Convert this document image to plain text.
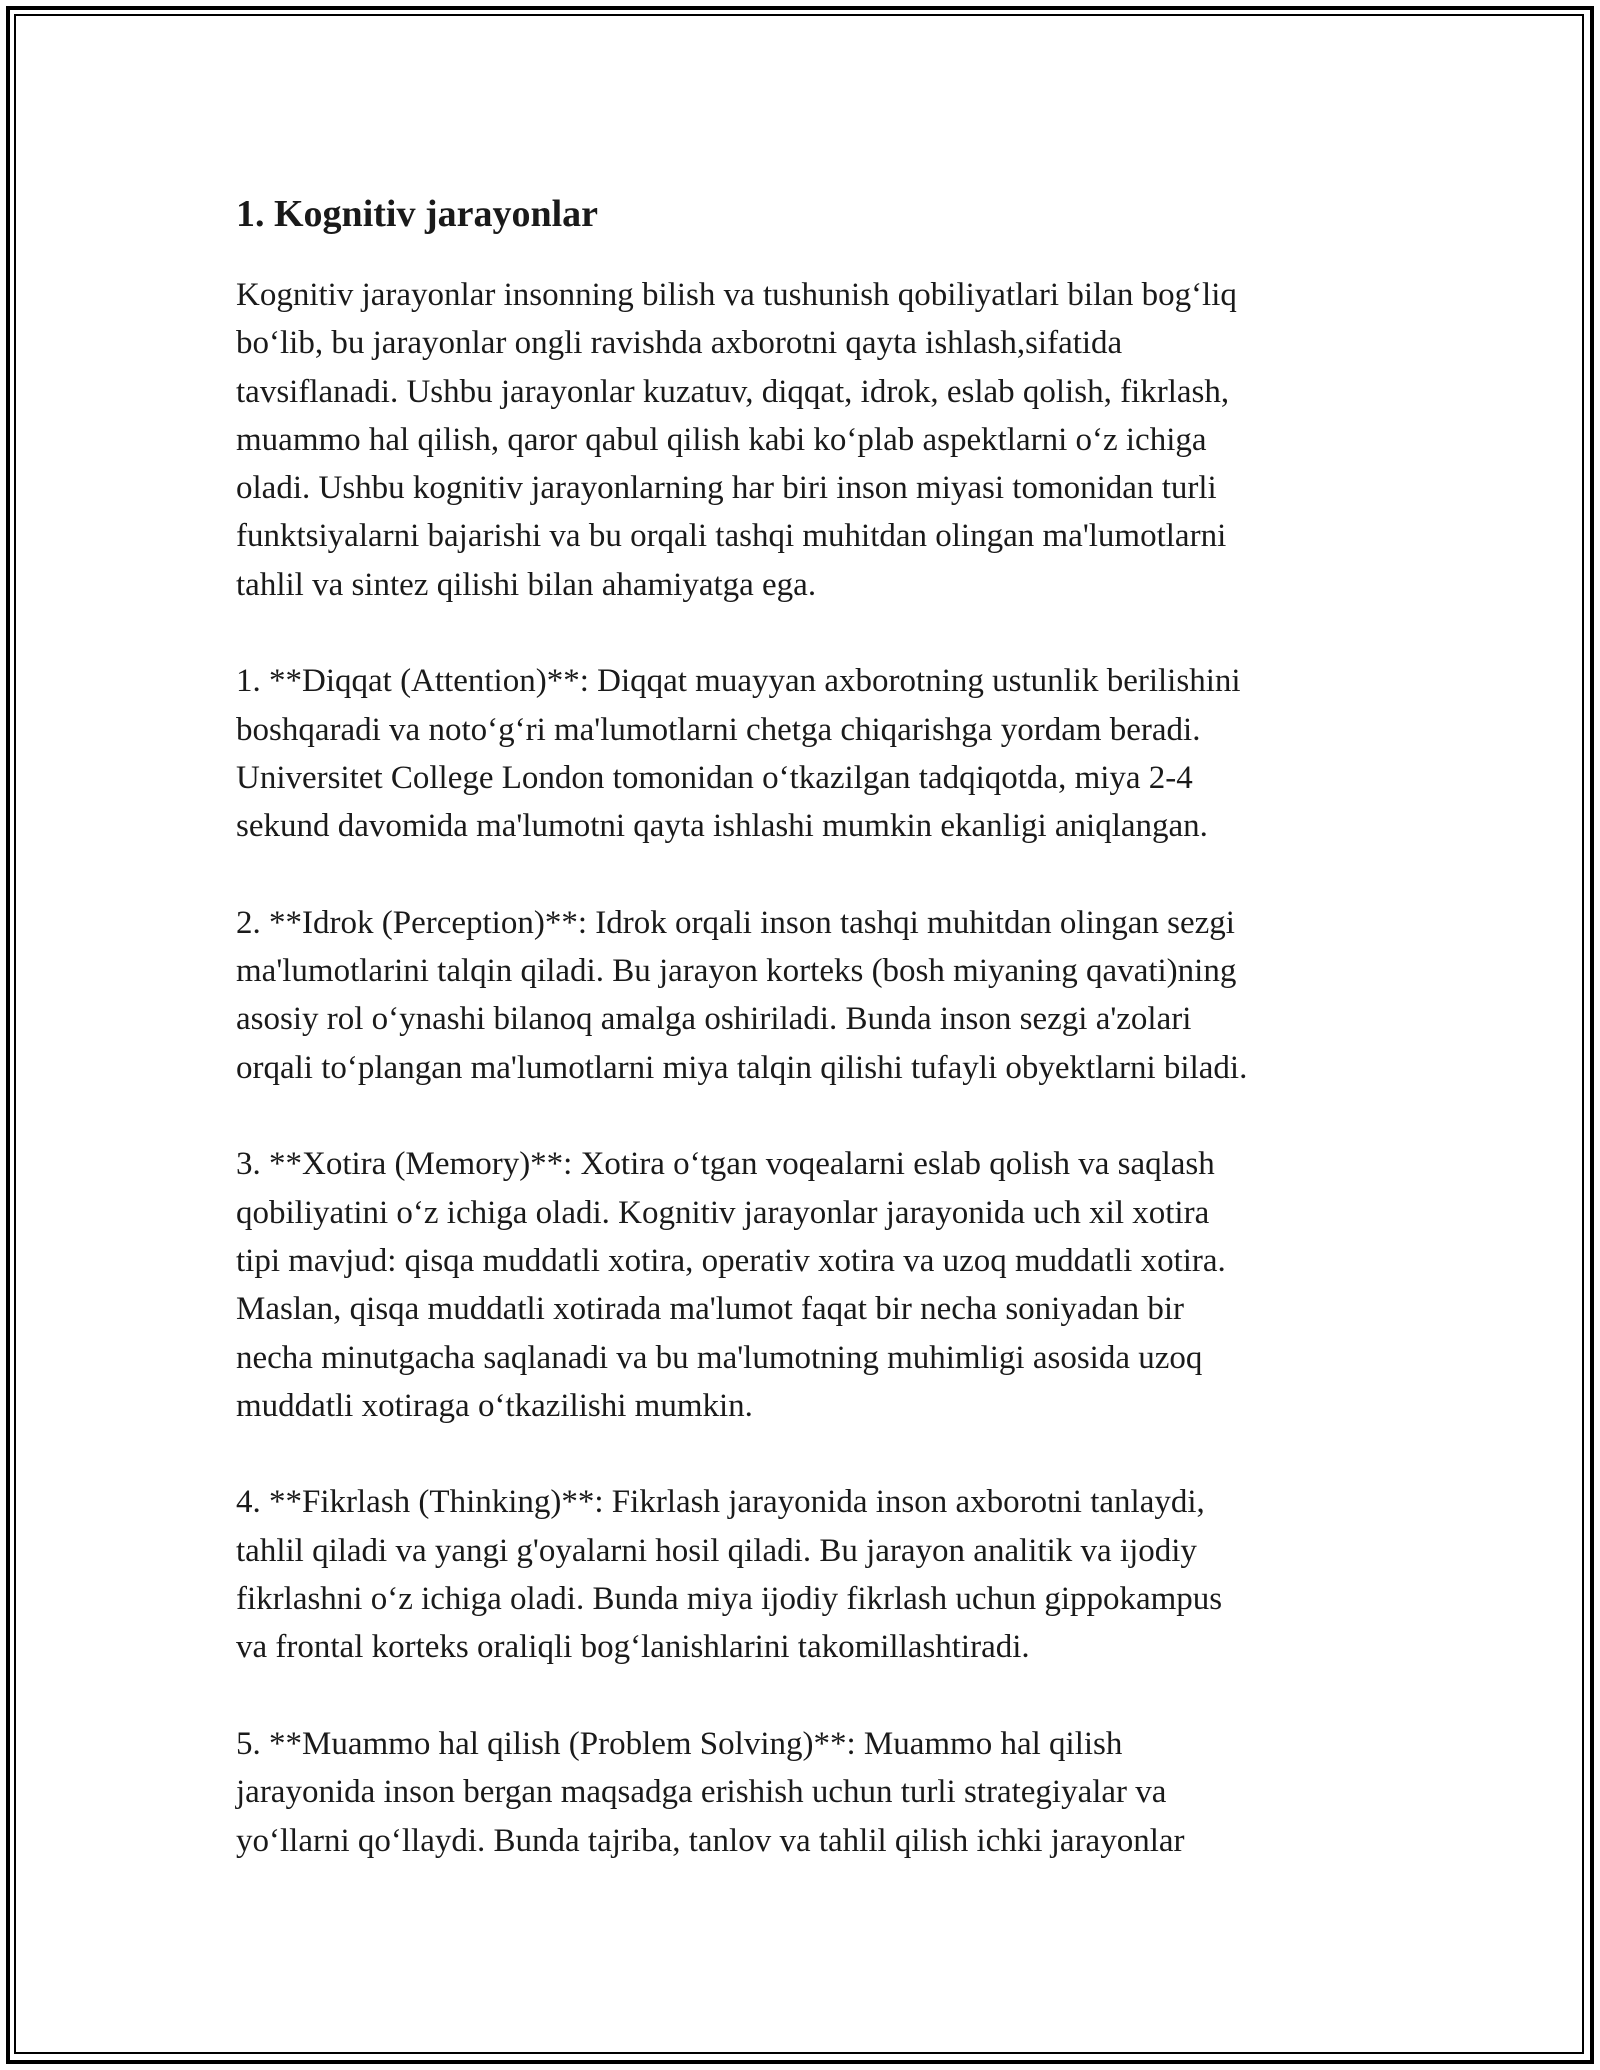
1. Kognitiv jarayonlar

Kognitiv jarayonlar insonning bilish va tushunish qobiliyatlari bilan bog‘liq
bo‘lib, bu jarayonlar ongli ravishda axborotni qayta ishlash,sifatida
tavsiflanadi. Ushbu jarayonlar kuzatuv, diqqat, idrok, eslab qolish, fikrlash,
muammo hal qilish, qaror qabul qilish kabi ko‘plab aspektlarni o‘z ichiga
oladi. Ushbu kognitiv jarayonlarning har biri inson miyasi tomonidan turli
funktsiyalarni bajarishi va bu orqali tashqi muhitdan olingan ma'lumotlarni
tahlil va sintez qilishi bilan ahamiyatga ega.

1. **Diqqat (Attention)**: Diqqat muayyan axborotning ustunlik berilishini
boshqaradi va noto‘g‘ri ma'lumotlarni chetga chiqarishga yordam beradi.
Universitet College London tomonidan o‘tkazilgan tadqiqotda, miya 2-4
sekund davomida ma'lumotni qayta ishlashi mumkin ekanligi aniqlangan.

2. **Idrok (Perception)**: Idrok orqali inson tashqi muhitdan olingan sezgi
ma'lumotlarini talqin qiladi. Bu jarayon korteks (bosh miyaning qavati)ning
asosiy rol o‘ynashi bilanoq amalga oshiriladi. Bunda inson sezgi a'zolari
orqali to‘plangan ma'lumotlarni miya talqin qilishi tufayli obyektlarni biladi.

3. **Xotira (Memory)**: Xotira o‘tgan voqealarni eslab qolish va saqlash
qobiliyatini o‘z ichiga oladi. Kognitiv jarayonlar jarayonida uch xil xotira
tipi mavjud: qisqa muddatli xotira, operativ xotira va uzoq muddatli xotira.
Maslan, qisqa muddatli xotirada ma'lumot faqat bir necha soniyadan bir
necha minutgacha saqlanadi va bu ma'lumotning muhimligi asosida uzoq
muddatli xotiraga o‘tkazilishi mumkin.

4. **Fikrlash (Thinking)**: Fikrlash jarayonida inson axborotni tanlaydi,
tahlil qiladi va yangi g'oyalarni hosil qiladi. Bu jarayon analitik va ijodiy
fikrlashni o‘z ichiga oladi. Bunda miya ijodiy fikrlash uchun gippokampus
va frontal korteks oraliqli bog‘lanishlarini takomillashtiradi.

5. **Muammo hal qilish (Problem Solving)**: Muammo hal qilish
jarayonida inson bergan maqsadga erishish uchun turli strategiyalar va
yo‘llarni qo‘llaydi. Bunda tajriba, tanlov va tahlil qilish ichki jarayonlar
